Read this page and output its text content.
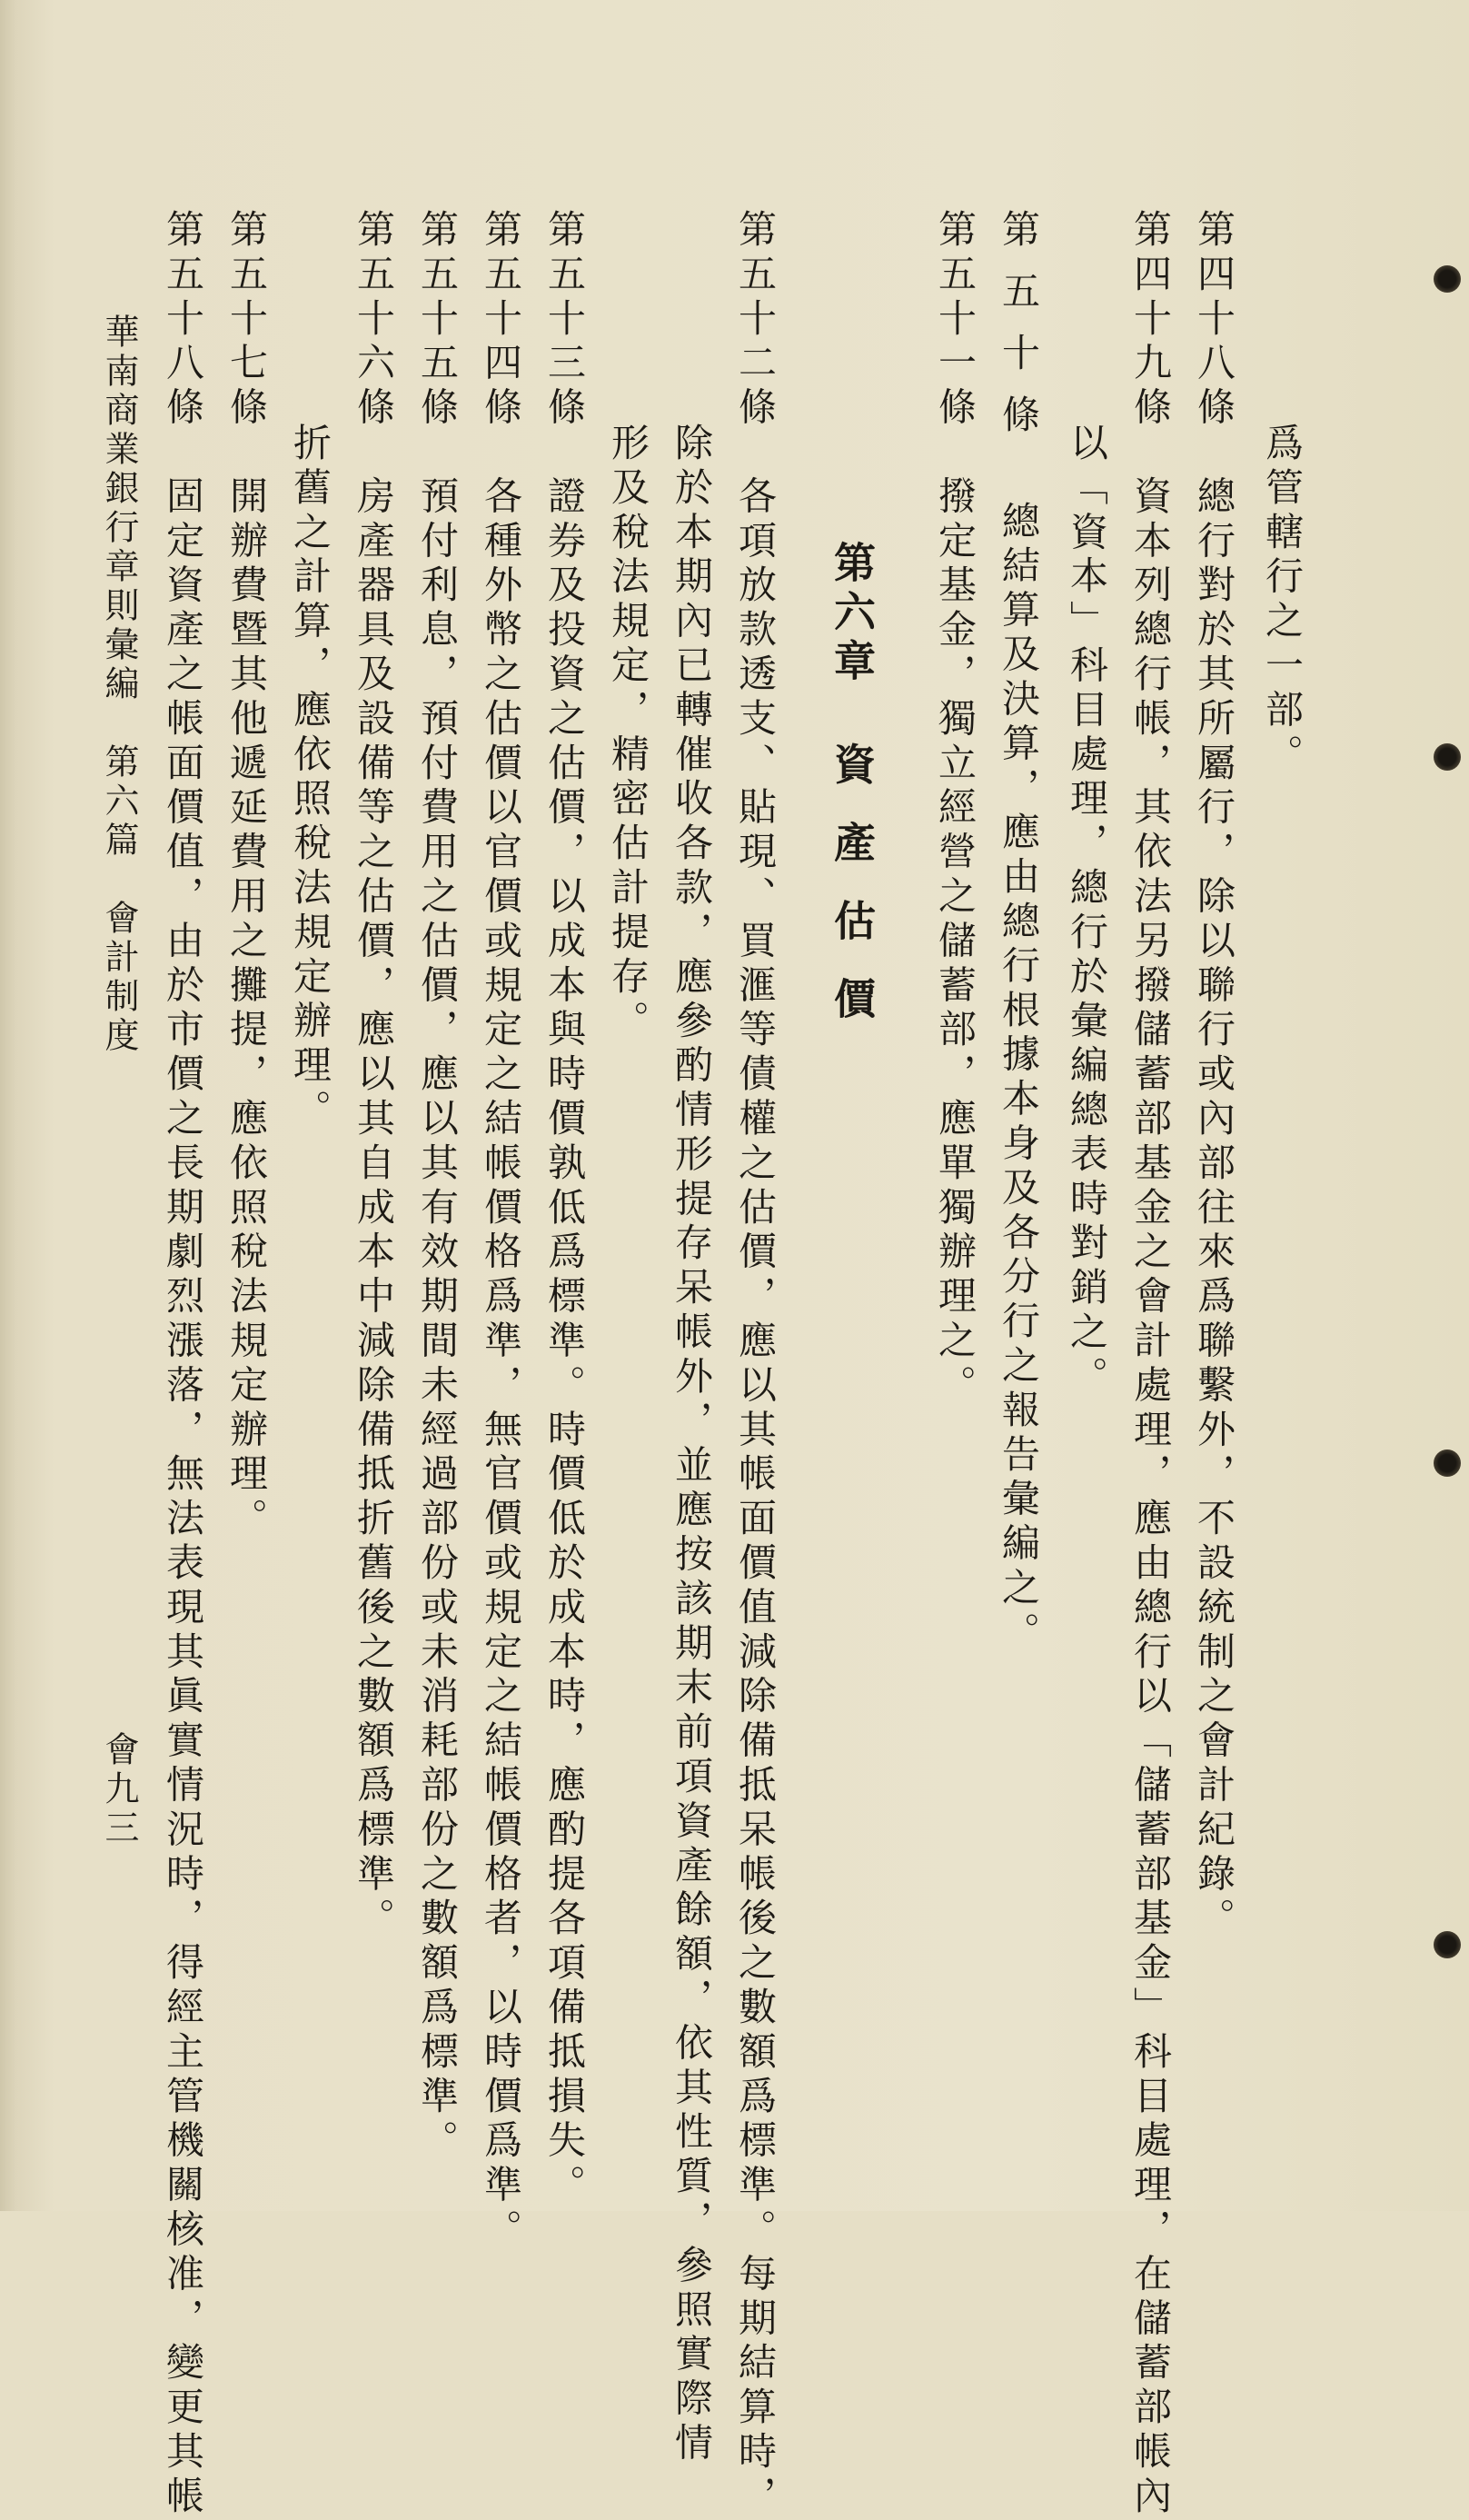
爲管轄行之一部。
第四十八條　總行對於其所屬行，除以聯行或內部往來爲聯繫外，不設統制之會計紀錄。
第四十九條　資本列總行帳，其依法另撥儲蓄部基金之會計處理，應由總行以「儲蓄部基金」科目處理，在儲蓄部帳內
以「資本」科目處理，總行於彙編總表時對銷之。
第五十條　總結算及決算，應由總行根據本身及各分行之報告彙編之。
第五十一條　撥定基金，獨立經營之儲蓄部，應單獨辦理之。
第六章資產估價
第五十二條　各項放款透支、貼現、買滙等債權之估價，應以其帳面價值減除備抵呆帳後之數額爲標準。每期結算時，
除於本期內已轉催收各款，應參酌情形提存呆帳外，並應按該期末前項資產餘額，依其性質，參照實際情
形及稅法規定，精密估計提存。
第五十三條　證券及投資之估價，以成本與時價孰低爲標準。時價低於成本時，應酌提各項備抵損失。
第五十四條　各種外幣之估價以官價或規定之結帳價格爲準，無官價或規定之結帳價格者，以時價爲準。
第五十五條　預付利息，預付費用之估價，應以其有效期間未經過部份或未消耗部份之數額爲標準。
第五十六條　房產器具及設備等之估價，應以其自成本中減除備抵折舊後之數額爲標準。
折舊之計算，應依照稅法規定辦理。
第五十七條　開辦費暨其他遞延費用之攤提，應依照稅法規定辦理。
第五十八條　固定資產之帳面價值，由於市價之長期劇烈漲落，無法表現其眞實情況時，得經主管機關核准，變更其帳
華南商業銀行章則彙編　第六篇　會計制度
會九三
